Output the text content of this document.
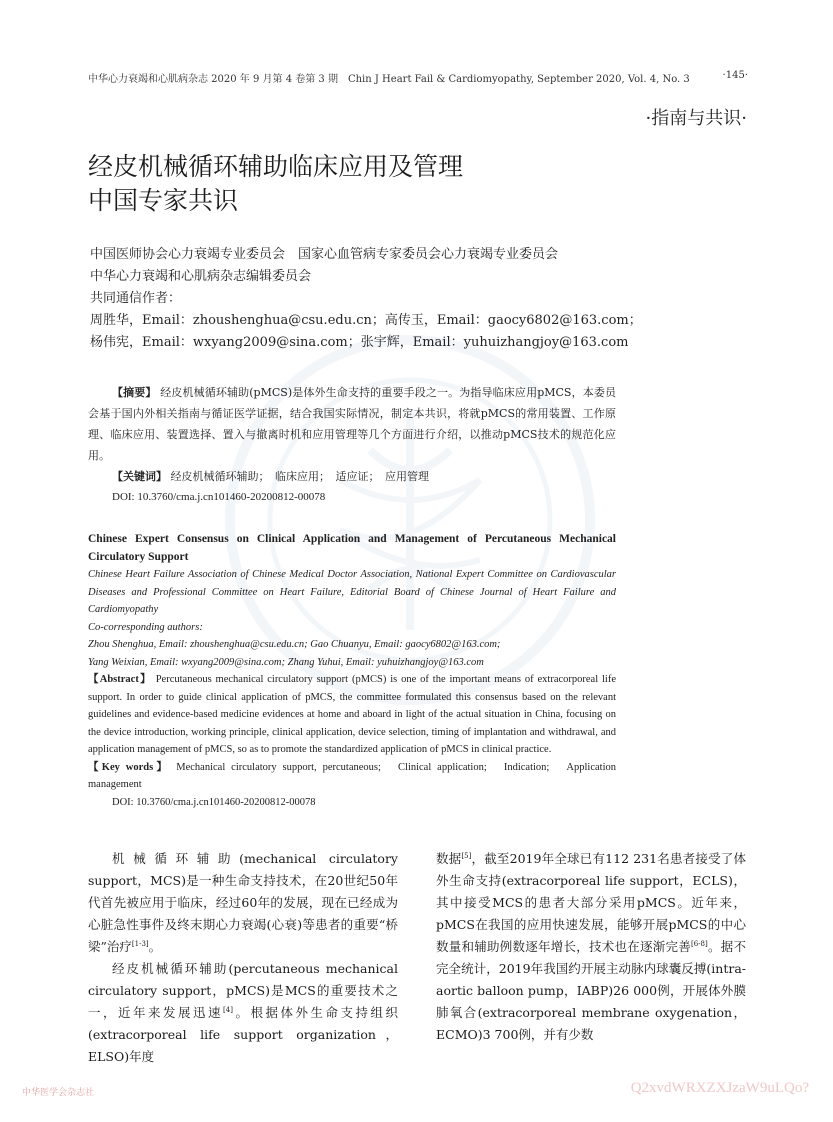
中华心力衰竭和心肌病杂志 2020 年 9 月第 4 卷第 3 期　Chin J Heart Fail & Cardiomyopathy, September 2020, Vol. 4, No. 3	·145·
·指南与共识·
经皮机械循环辅助临床应用及管理
中国专家共识
中国医师协会心力衰竭专业委员会　国家心血管病专家委员会心力衰竭专业委员会
中华心力衰竭和心肌病杂志编辑委员会
共同通信作者：
周胜华，Email：zhoushenghua@csu.edu.cn；高传玉，Email：gaocy6802@163.com；
杨伟宪，Email：wxyang2009@sina.com；张宇辉，Email：yuhuizhangjoy@163.com

【摘要】 经皮机械循环辅助(pMCS)是体外生命支持的重要手段之一。为指导临床应用pMCS，本委员会基于国内外相关指南与循证医学证据，结合我国实际情况，制定本共识，将就pMCS的常用装置、工作原理、临床应用、装置选择、置入与撤离时机和应用管理等几个方面进行介绍，以推动pMCS技术的规范化应用。

【关键词】 经皮机械循环辅助；　临床应用；　适应证；　应用管理
DOI: 10.3760/cma.j.cn101460-20200812-00078

Chinese Expert Consensus on Clinical Application and Management of Percutaneous Mechanical Circulatory Support

Chinese Heart Failure Association of Chinese Medical Doctor Association, National Expert Committee on Cardiovascular Diseases and Professional Committee on Heart Failure, Editorial Board of Chinese Journal of Heart Failure and Cardiomyopathy

Co-corresponding authors:

Zhou Shenghua, Email: zhoushenghua@csu.edu.cn; Gao Chuanyu, Email: gaocy6802@163.com;

Yang Weixian, Email: wxyang2009@sina.com; Zhang Yuhui, Email: yuhuizhangjoy@163.com

【Abstract】 Percutaneous mechanical circulatory support (pMCS) is one of the important means of extracorporeal life support. In order to guide clinical application of pMCS, the committee formulated this consensus based on the relevant guidelines and evidence-based medicine evidences at home and aboard in light of the actual situation in China, focusing on the device introduction, working principle, clinical application, device selection, timing of implantation and withdrawal, and application management of pMCS, so as to promote the standardized application of pMCS in clinical practice.

【Key words】 Mechanical circulatory support, percutaneous;　Clinical application;　Indication;　Application management

DOI: 10.3760/cma.j.cn101460-20200812-00078

机械循环辅助(mechanical circulatory support，MCS)是一种生命支持技术，在20世纪50年代首先被应用于临床，经过60年的发展，现在已经成为心脏急性事件及终末期心力衰竭(心衰)等患者的重要“桥梁”治疗[1-3]。

经皮机械循环辅助(percutaneous mechanical circulatory support，pMCS)是MCS的重要技术之一，近年来发展迅速[4]。根据体外生命支持组织(extracorporeal life support organization，ELSO)年度

数据[5]，截至2019年全球已有112 231名患者接受了体外生命支持(extracorporeal life support，ECLS)，其中接受MCS的患者大部分采用pMCS。近年来，pMCS在我国的应用快速发展，能够开展pMCS的中心数量和辅助例数逐年增长，技术也在逐渐完善[6-8]。据不完全统计，2019年我国约开展主动脉内球囊反搏(intra-aortic balloon pump，IABP)26 000例，开展体外膜肺氧合(extracorporeal membrane oxygenation，ECMO)3 700例，并有少数

中华医学会杂志社	Q2xvdWRXZXJzaW9uLQo?
